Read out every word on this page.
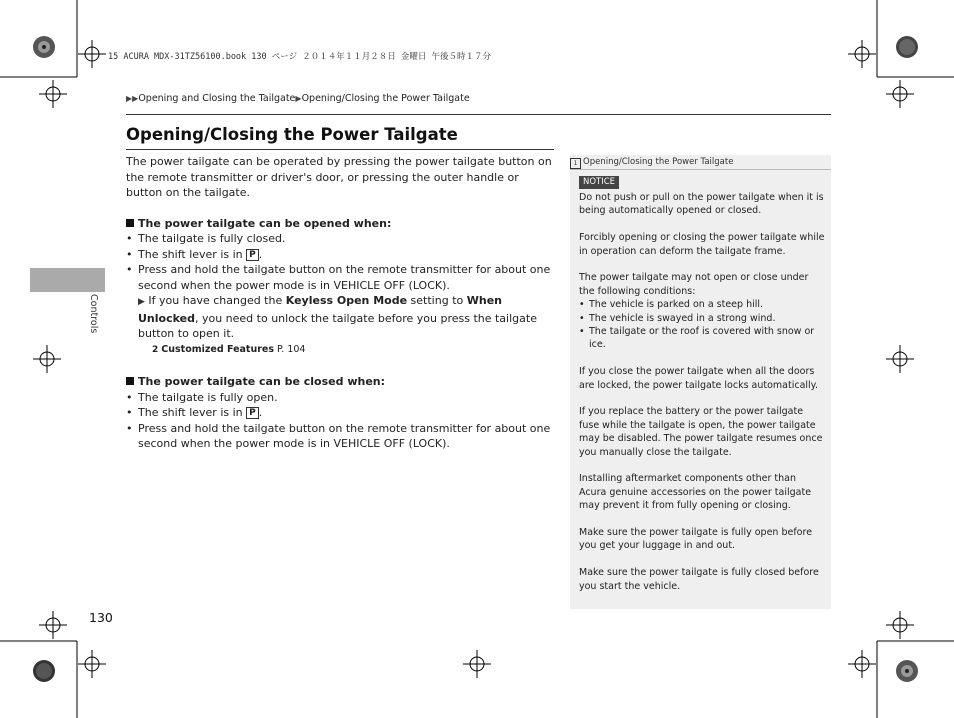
15 ACURA MDX-31TZ56100.book 130 ページ ２０１４年１１月２８日 金曜日 午後５時１７分
▶▶Opening and Closing the Tailgate▶Opening/Closing the Power Tailgate
Opening/Closing the Power Tailgate

The power tailgate can be operated by pressing the power tailgate button on the remote transmitter or driver's door, or pressing the outer handle or button on the tailgate.

The power tailgate can be opened when:

• The tailgate is fully closed.
• The shift lever is in P .
• Press and hold the tailgate button on the remote transmitter for about one second when the power mode is in VEHICLE OFF (LOCK).

▶ If you have changed the Keyless Open Mode setting to When Unlocked, you need to unlock the tailgate before you press the tailgate button to open it.

2 Customized Features P. 104

The power tailgate can be closed when:

• The tailgate is fully open.
• The shift lever is in P .
• Press and hold the tailgate button on the remote transmitter for about one second when the power mode is in VEHICLE OFF (LOCK).
1 Opening/Closing the Power Tailgate
NOTICE

Do not push or pull on the power tailgate when it is being automatically opened or closed.

Forcibly opening or closing the power tailgate while in operation can deform the tailgate frame.

The power tailgate may not open or close under the following conditions:

• The vehicle is parked on a steep hill.
• The vehicle is swayed in a strong wind.
• The tailgate or the roof is covered with snow or ice.

If you close the power tailgate when all the doors are locked, the power tailgate locks automatically.

If you replace the battery or the power tailgate fuse while the tailgate is open, the power tailgate may be disabled. The power tailgate resumes once you manually close the tailgate.

Installing aftermarket components other than Acura genuine accessories on the power tailgate may prevent it from fully opening or closing.

Make sure the power tailgate is fully open before you get your luggage in and out.

Make sure the power tailgate is fully closed before you start the vehicle.

Controls
130
